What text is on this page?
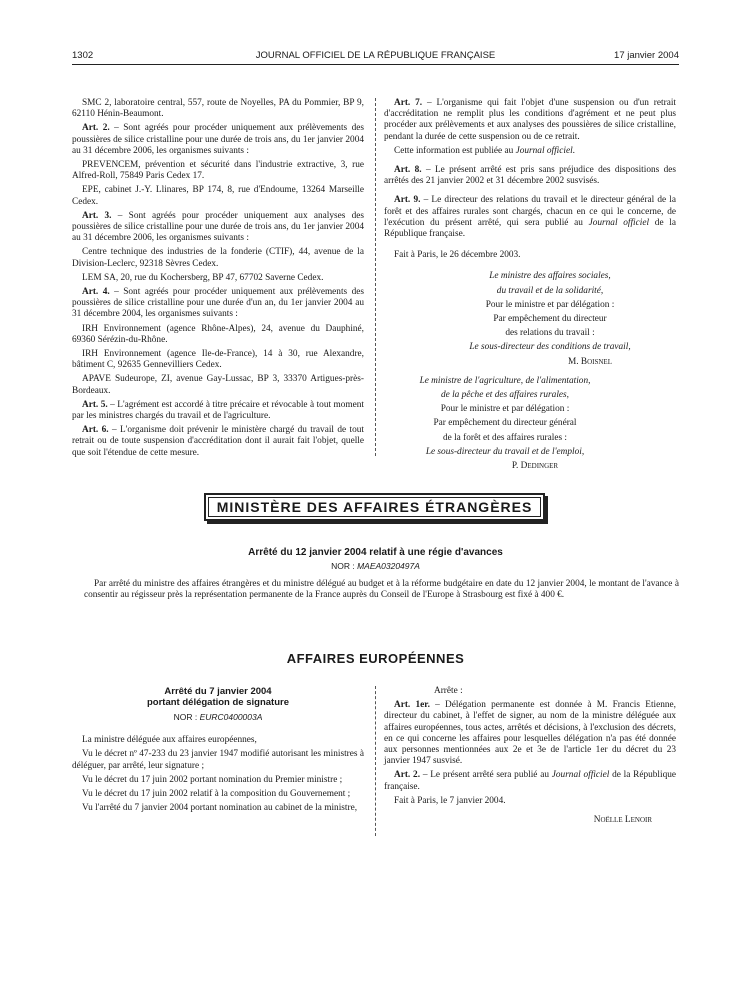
1302	JOURNAL OFFICIEL DE LA RÉPUBLIQUE FRANÇAISE	17 janvier 2004

SMC 2, laboratoire central, 557, route de Noyelles, PA du Pommier, BP 9, 62110 Hénin-Beaumont.

Art. 2. – Sont agréés pour procéder uniquement aux prélèvements des poussières de silice cristalline pour une durée de trois ans, du 1er janvier 2004 au 31 décembre 2006, les organismes suivants :

PREVENCEM, prévention et sécurité dans l'industrie extractive, 3, rue Alfred-Roll, 75849 Paris Cedex 17.

EPE, cabinet J.-Y. Llinares, BP 174, 8, rue d'Endoume, 13264 Marseille Cedex.

Art. 3. – Sont agréés pour procéder uniquement aux analyses des poussières de silice cristalline pour une durée de trois ans, du 1er janvier 2004 au 31 décembre 2006, les organismes suivants :

Centre technique des industries de la fonderie (CTIF), 44, avenue de la Division-Leclerc, 92318 Sèvres Cedex.

LEM SA, 20, rue du Kochersberg, BP 47, 67702 Saverne Cedex.

Art. 4. – Sont agréés pour procéder uniquement aux prélèvements des poussières de silice cristalline pour une durée d'un an, du 1er janvier 2004 au 31 décembre 2004, les organismes suivants :

IRH Environnement (agence Rhône-Alpes), 24, avenue du Dauphiné, 69360 Sérézin-du-Rhône.

IRH Environnement (agence Ile-de-France), 14 à 30, rue Alexandre, bâtiment C, 92635 Gennevilliers Cedex.

APAVE Sudeurope, ZI, avenue Gay-Lussac, BP 3, 33370 Artigues-près-Bordeaux.

Art. 5. – L'agrément est accordé à titre précaire et révocable à tout moment par les ministres chargés du travail et de l'agriculture.

Art. 6. – L'organisme doit prévenir le ministère chargé du travail de tout retrait ou de toute suspension d'accréditation dont il aurait fait l'objet, quelle que soit l'étendue de cette mesure.

Art. 7. – L'organisme qui fait l'objet d'une suspension ou d'un retrait d'accréditation ne remplit plus les conditions d'agrément et ne peut plus procéder aux prélèvements et aux analyses des poussières de silice cristalline, pendant la durée de cette suspension ou de ce retrait.

Cette information est publiée au Journal officiel.

Art. 8. – Le présent arrêté est pris sans préjudice des dispositions des arrêtés des 21 janvier 2002 et 31 décembre 2002 susvisés.

Art. 9. – Le directeur des relations du travail et le directeur général de la forêt et des affaires rurales sont chargés, chacun en ce qui le concerne, de l'exécution du présent arrêté, qui sera publié au Journal officiel de la République française.

Fait à Paris, le 26 décembre 2003.

Le ministre des affaires sociales,

du travail et de la solidarité,

Pour le ministre et par délégation :

Par empêchement du directeur

des relations du travail :

Le sous-directeur des conditions de travail,

M. Boisnel

Le ministre de l'agriculture, de l'alimentation,

de la pêche et des affaires rurales,

Pour le ministre et par délégation :

Par empêchement du directeur général

de la forêt et des affaires rurales :

Le sous-directeur du travail et de l'emploi,

P. Dedinger

MINISTÈRE DES AFFAIRES ÉTRANGÈRES
Arrêté du 12 janvier 2004 relatif à une régie d'avances
NOR : MAEA0320497A

Par arrêté du ministre des affaires étrangères et du ministre délégué au budget et à la réforme budgétaire en date du 12 janvier 2004, le montant de l'avance à consentir au régisseur près la représentation permanente de la France auprès du Conseil de l'Europe à Strasbourg est fixé à 400 €.

AFFAIRES EUROPÉENNES

Arrêté du 7 janvier 2004

portant délégation de signature

NOR : EURC0400003A

La ministre déléguée aux affaires européennes,

Vu le décret nº 47-233 du 23 janvier 1947 modifié autorisant les ministres à déléguer, par arrêté, leur signature ;

Vu le décret du 17 juin 2002 portant nomination du Premier ministre ;

Vu le décret du 17 juin 2002 relatif à la composition du Gouvernement ;

Vu l'arrêté du 7 janvier 2004 portant nomination au cabinet de la ministre,

Arrête :

Art. 1er. – Délégation permanente est donnée à M. Francis Etienne, directeur du cabinet, à l'effet de signer, au nom de la ministre déléguée aux affaires européennes, tous actes, arrêtés et décisions, à l'exclusion des décrets, en ce qui concerne les affaires pour lesquelles délégation n'a pas été donnée aux personnes mentionnées aux 2e et 3e de l'article 1er du décret du 23 janvier 1947 susvisé.

Art. 2. – Le présent arrêté sera publié au Journal officiel de la République française.

Fait à Paris, le 7 janvier 2004.

Noëlle Lenoir
